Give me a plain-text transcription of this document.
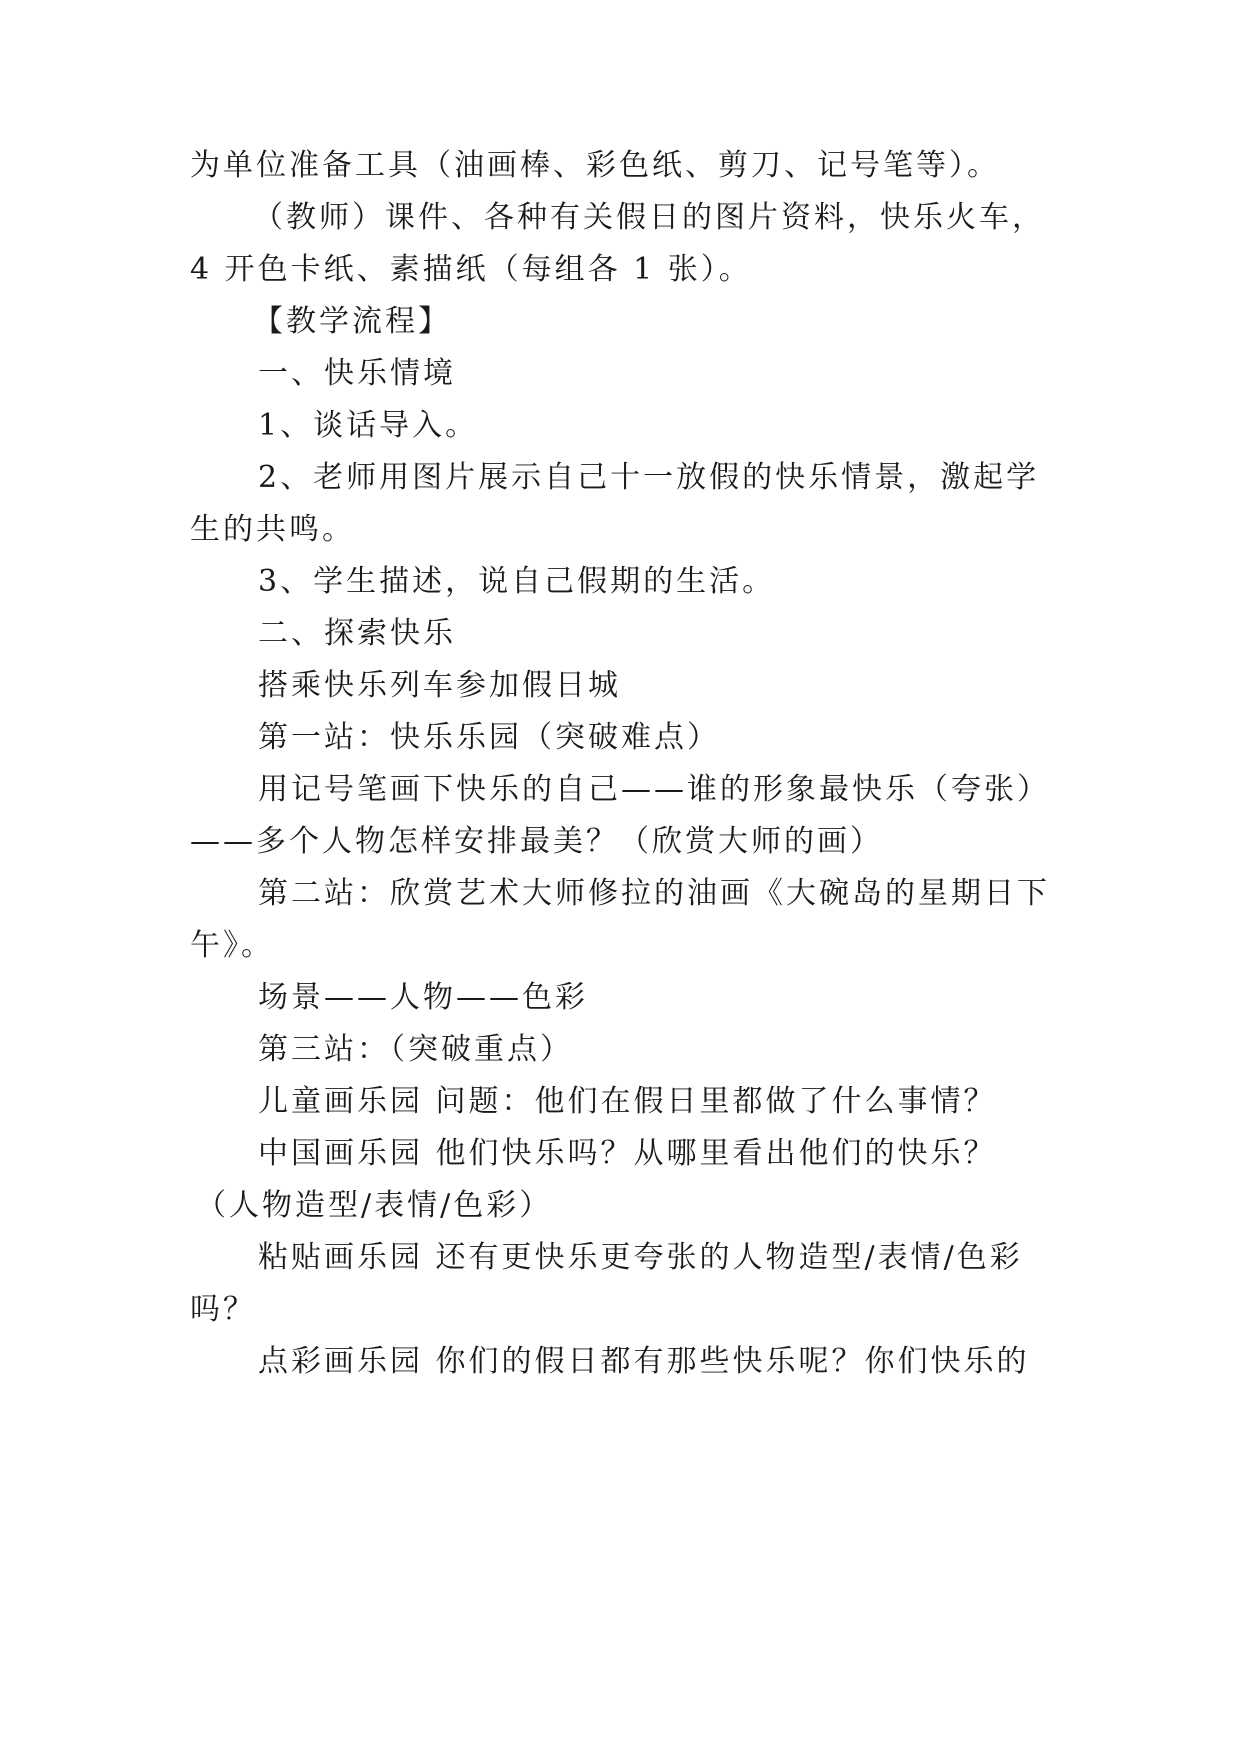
为单位准备工具（油画棒、彩色纸、剪刀、记号笔等）。
（教师）课件、各种有关假日的图片资料，快乐火车，
4 开色卡纸、素描纸（每组各 1 张）。
【教学流程】
一、快乐情境
1、谈话导入。
2、老师用图片展示自己十一放假的快乐情景，激起学
生的共鸣。
3、学生描述，说自己假期的生活。
二、探索快乐
搭乘快乐列车参加假日城
第一站：快乐乐园（突破难点）
用记号笔画下快乐的自己——谁的形象最快乐（夸张）
——多个人物怎样安排最美？（欣赏大师的画）
第二站：欣赏艺术大师修拉的油画《大碗岛的星期日下
午》。
场景——人物——色彩
第三站：（突破重点）
儿童画乐园 问题：他们在假日里都做了什么事情？
中国画乐园 他们快乐吗？从哪里看出他们的快乐？
（人物造型/表情/色彩）
粘贴画乐园 还有更快乐更夸张的人物造型/表情/色彩
吗？
点彩画乐园 你们的假日都有那些快乐呢？你们快乐的
